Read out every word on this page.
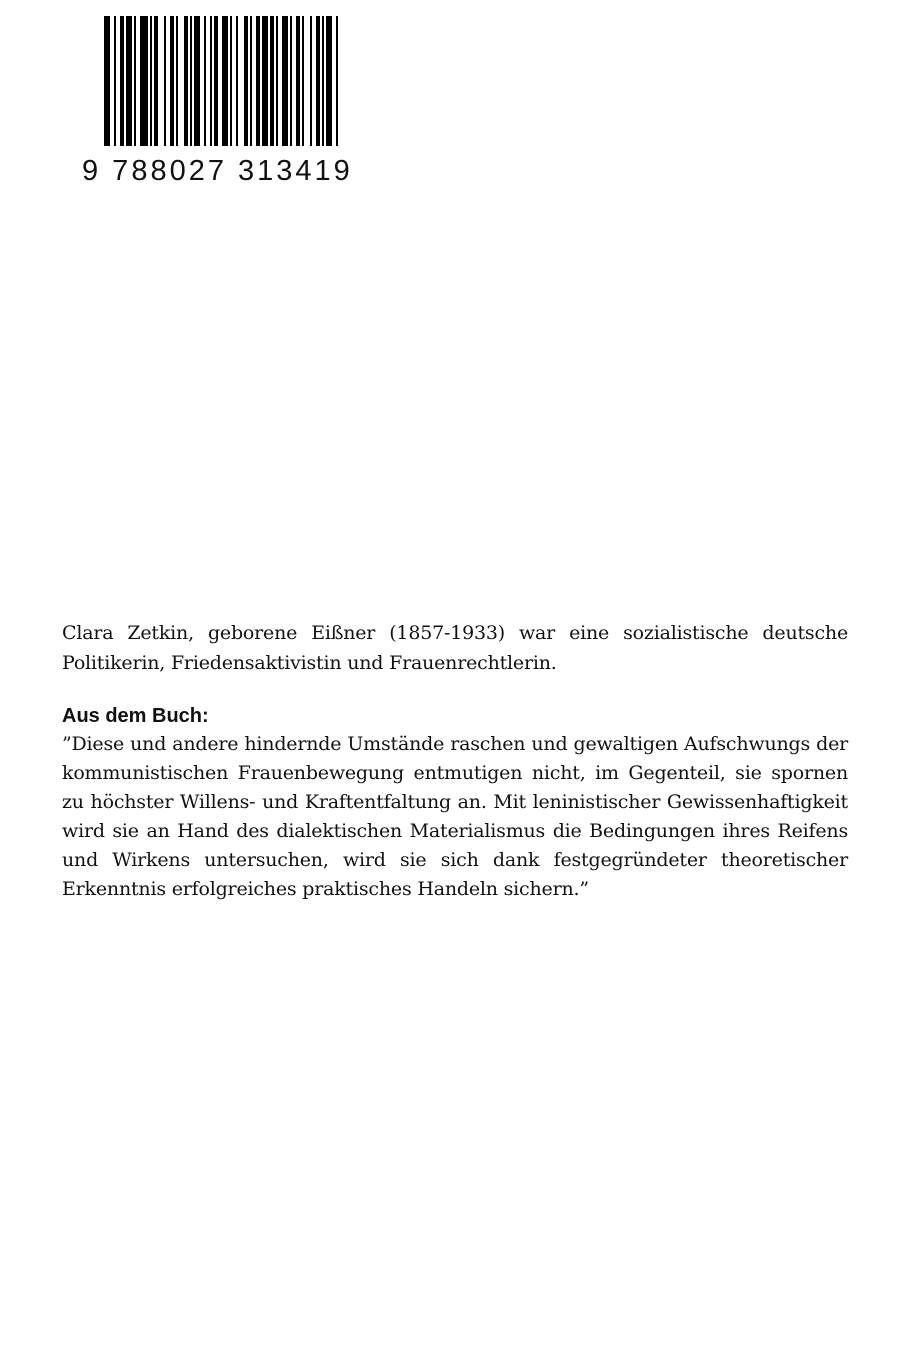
9 788027 313419

Clara Zetkin, geborene Eißner (1857-1933) war eine sozialistische deutsche Politikerin, Friedensaktivistin und Frauenrechtlerin.

Aus dem Buch:

”Diese und andere hindernde Umstände raschen und gewaltigen Aufschwungs der kommunistischen Frauenbewegung entmutigen nicht, im Gegenteil, sie spornen zu höchster Willens- und Kraftentfaltung an. Mit leninistischer Gewissenhaftigkeit wird sie an Hand des dialektischen Materialismus die Bedingungen ihres Reifens und Wirkens untersuchen, wird sie sich dank festgegründeter theoretischer Erkenntnis erfolgreiches praktisches Handeln sichern.”
